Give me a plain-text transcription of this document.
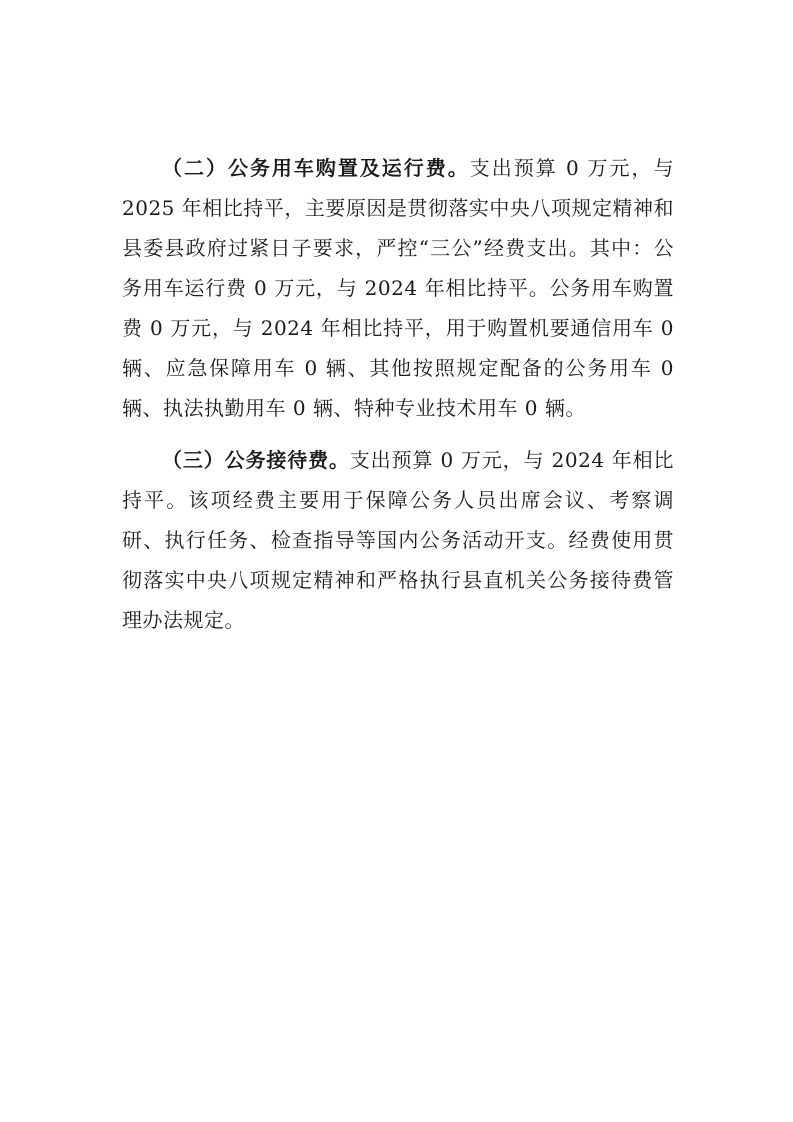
（二）公务用车购置及运行费。支出预算 0 万元，与 2025 年相比持平，主要原因是贯彻落实中央八项规定精神和县委县政府过紧日子要求，严控“三公”经费支出。其中：公务用车运行费 0 万元，与 2024 年相比持平。公务用车购置费 0 万元，与 2024 年相比持平，用于购置机要通信用车 0 辆、应急保障用车 0 辆、其他按照规定配备的公务用车 0 辆、执法执勤用车 0 辆、特种专业技术用车 0 辆。

（三）公务接待费。支出预算 0 万元，与 2024 年相比持平。该项经费主要用于保障公务人员出席会议、考察调研、执行任务、检查指导等国内公务活动开支。经费使用贯彻落实中央八项规定精神和严格执行县直机关公务接待费管理办法规定。
